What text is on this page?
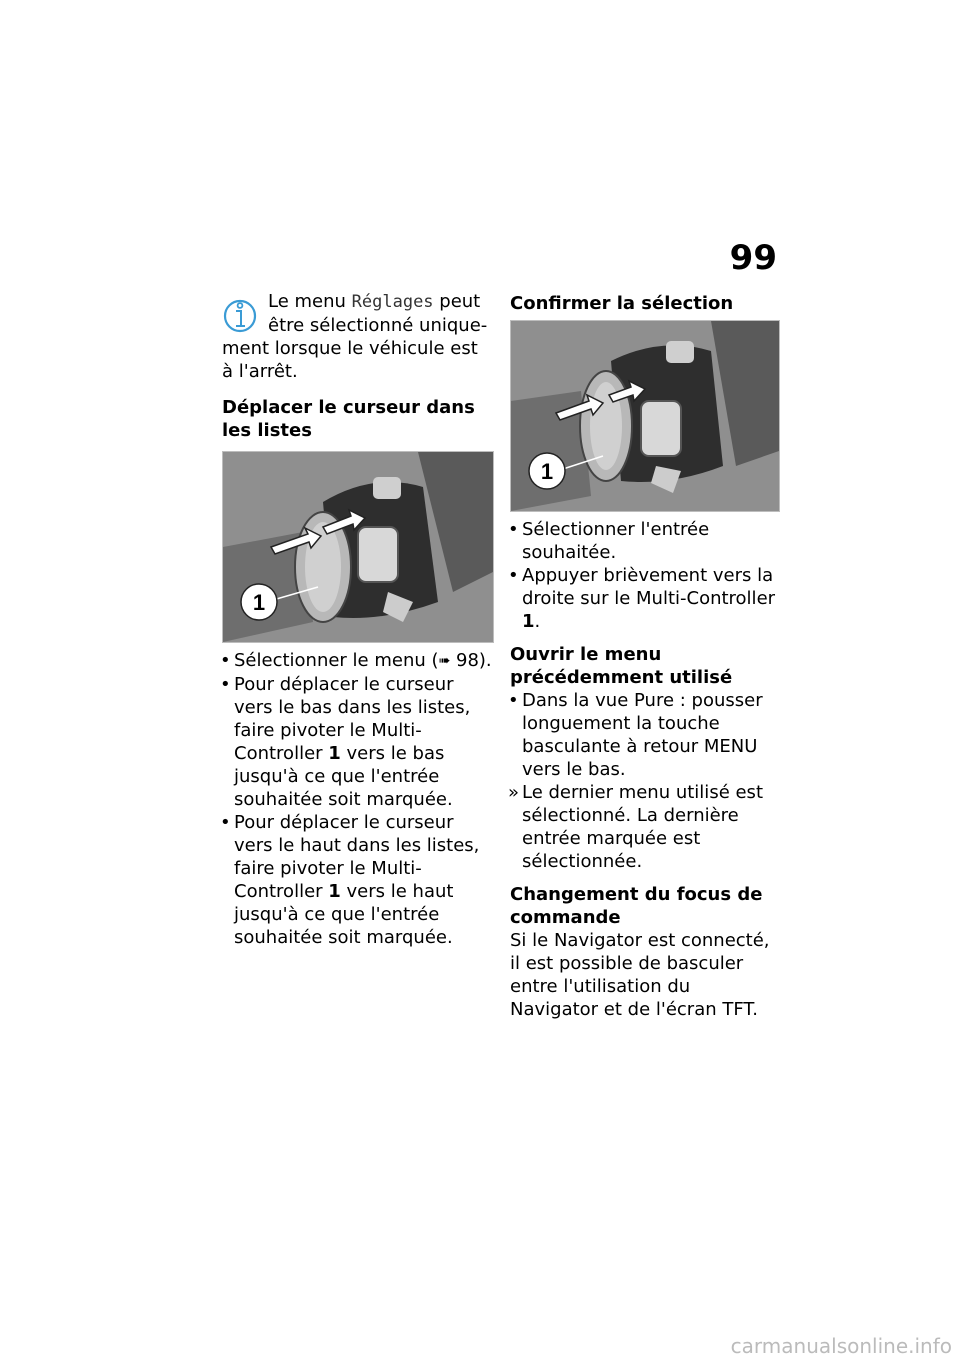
99
Le menu Réglages peut
être sélectionné unique-
ment lorsque le véhicule est à l'arrêt.
Déplacer le curseur dans les listes
1
• Sélectionner le menu (➠ 98).
• Pour déplacer le curseur vers le bas dans les listes, faire pivoter le Multi-Controller 1 vers le bas jusqu'à ce que l'entrée souhaitée soit marquée.
• Pour déplacer le curseur vers le haut dans les listes, faire pivoter le Multi-Controller 1 vers le haut jusqu'à ce que l'entrée souhaitée soit marquée.
Confirmer la sélection
1
• Sélectionner l'entrée souhaitée.
• Appuyer brièvement vers la droite sur le Multi-Controller 1.
Ouvrir le menu précédemment utilisé
• Dans la vue Pure : pousser longuement la touche basculante à retour MENU vers le bas.
» Le dernier menu utilisé est sélectionné. La dernière entrée marquée est sélectionnée.
Changement du focus de commande
Si le Navigator est connecté, il est possible de basculer entre l'utilisation du Navigator et de l'écran TFT.
carmanualsonline.info
